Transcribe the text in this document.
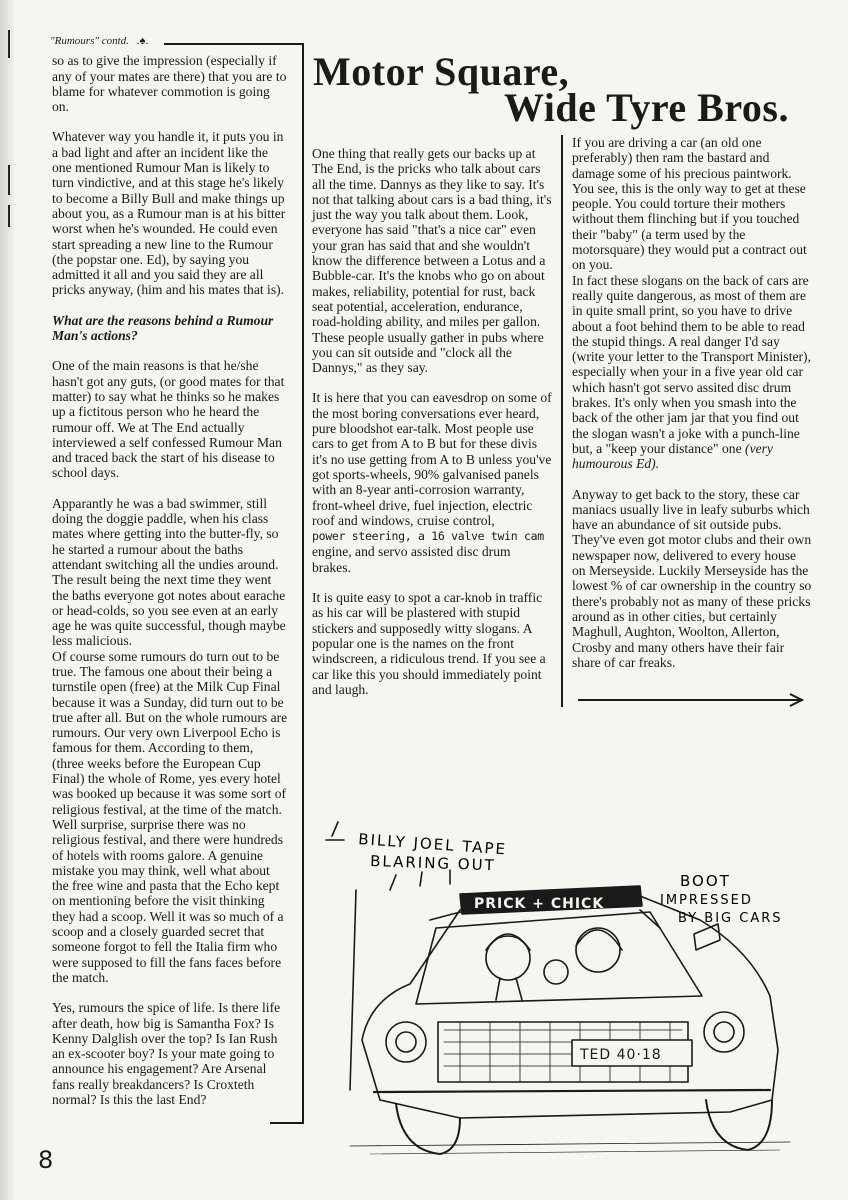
"Rumours" contd. .♠.

so as to give the impression (especially if any of your mates are there) that you are to blame for whatever commotion is going on.

Whatever way you handle it, it puts you in a bad light and after an incident like the one mentioned Rumour Man is likely to turn vindictive, and at this stage he's likely to become a Billy Bull and make things up about you, as a Rumour man is at his bitter worst when he's wounded. He could even start spreading a new line to the Rumour (the popstar one. Ed), by saying you admitted it all and you said they are all pricks anyway, (him and his mates that is).

What are the reasons behind a Rumour Man's actions?

One of the main reasons is that he/she hasn't got any guts, (or good mates for that matter) to say what he thinks so he makes up a fictitous person who he heard the rumour off. We at The End actually interviewed a self confessed Rumour Man and traced back the start of his disease to school days.

Apparantly he was a bad swimmer, still doing the doggie paddle, when his class mates where getting into the butter-fly, so he started a rumour about the baths attendant switching all the undies around. The result being the next time they went the baths everyone got notes about earache or head-colds, so you see even at an early age he was quite successful, though maybe less malicious.

Of course some rumours do turn out to be true. The famous one about their being a turnstile open (free) at the Milk Cup Final because it was a Sunday, did turn out to be true after all. But on the whole rumours are rumours. Our very own Liverpool Echo is famous for them. According to them, (three weeks before the European Cup Final) the whole of Rome, yes every hotel was booked up because it was some sort of religious festival, at the time of the match. Well surprise, surprise there was no religious festival, and there were hundreds of hotels with rooms galore. A genuine mistake you may think, well what about the free wine and pasta that the Echo kept on mentioning before the visit thinking they had a scoop. Well it was so much of a scoop and a closely guarded secret that someone forgot to fell the Italia firm who were supposed to fill the fans faces before the match.

Yes, rumours the spice of life. Is there life after death, how big is Samantha Fox? Is Kenny Dalglish over the top? Is Ian Rush an ex-scooter boy? Is your mate going to announce his engagement? Are Arsenal fans really breakdancers? Is Croxteth normal? Is this the last End?

Motor Square,
Wide Tyre Bros.

One thing that really gets our backs up at The End, is the pricks who talk about cars all the time. Dannys as they like to say. It's not that talking about cars is a bad thing, it's just the way you talk about them. Look, everyone has said "that's a nice car" even your gran has said that and she wouldn't know the difference between a Lotus and a Bubble-car. It's the knobs who go on about makes, reliability, potential for rust, back seat potential, acceleration, endurance, road-holding ability, and miles per gallon. These people usually gather in pubs where you can sit outside and "clock all the Dannys," as they say.

It is here that you can eavesdrop on some of the most boring conversations ever heard, pure bloodshot ear-talk. Most people use cars to get from A to B but for these divis it's no use getting from A to B unless you've got sports-wheels, 90% galvanised panels with an 8-year anti-corrosion warranty, front-wheel drive, fuel injection, electric roof and windows, cruise control,
power steering, a 16 valve twin cam
engine, and servo assisted disc drum brakes.

It is quite easy to spot a car-knob in traffic as his car will be plastered with stupid stickers and supposedly witty slogans. A popular one is the names on the front windscreen, a ridiculous trend. If you see a car like this you should immediately point and laugh.

If you are driving a car (an old one preferably) then ram the bastard and damage some of his precious paintwork. You see, this is the only way to get at these people. You could torture their mothers without them flinching but if you touched their "baby" (a term used by the motorsquare) they would put a contract out on you.

In fact these slogans on the back of cars are really quite dangerous, as most of them are in quite small print, so you have to drive about a foot behind them to be able to read the stupid things. A real danger I'd say (write your letter to the Transport Minister), especially when your in a five year old car which hasn't got servo assited disc drum brakes. It's only when you smash into the back of the other jam jar that you find out the slogan wasn't a joke with a punch-line but, a "keep your distance" one (very humourous Ed).

Anyway to get back to the story, these car maniacs usually live in leafy suburbs which have an abundance of sit outside pubs. They've even got motor clubs and their own newspaper now, delivered to every house on Merseyside. Luckily Merseyside has the lowest % of car ownership in the country so there's probably not as many of these pricks around as in other cities, but certainly Maghull, Aughton, Woolton, Allerton, Crosby and many others have their fair share of car freaks.

BILLY JOEL TAPE
BLARING OUT
BOOT
IMPRESSED
BY BIG CARS
PRICK + CHICK
TED 40·18
8
